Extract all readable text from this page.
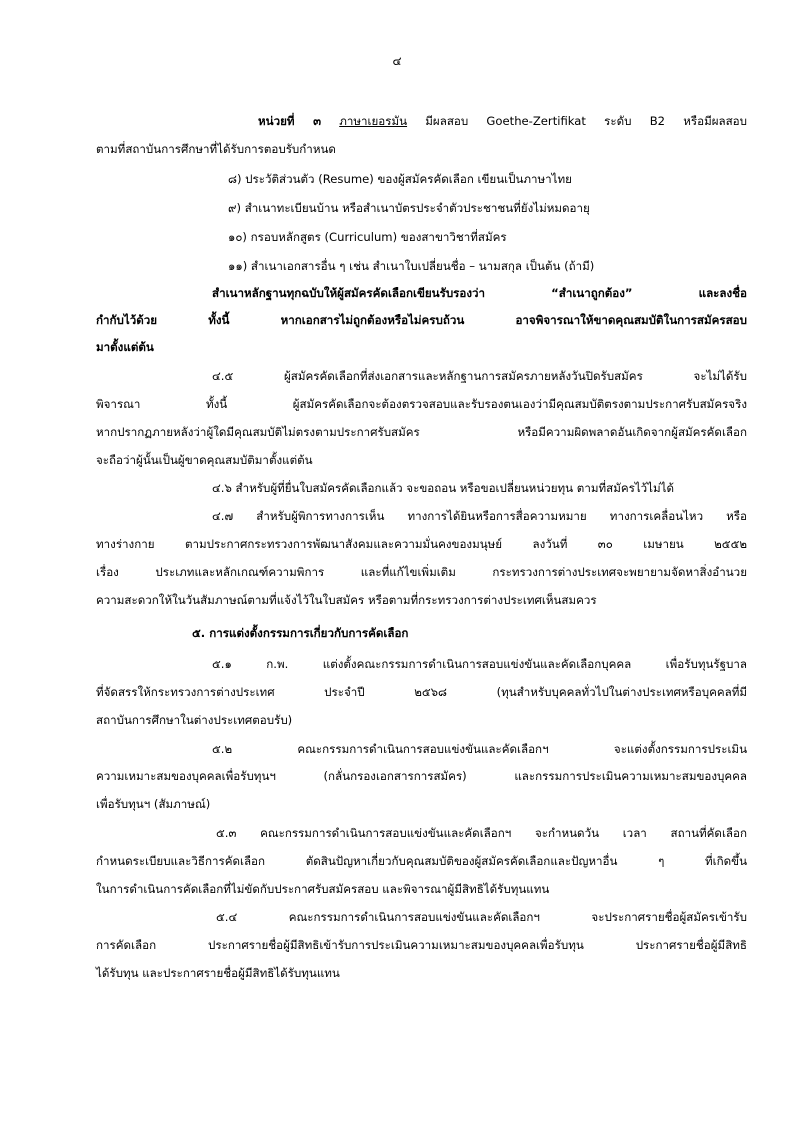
๔
หน่วยที่ ๓ ภาษาเยอรมัน มีผลสอบ Goethe-Zertifikat ระดับ B2 หรือมีผลสอบ
ตามที่สถาบันการศึกษาที่ได้รับการตอบรับกำหนด
๘) ประวัติส่วนตัว (Resume) ของผู้สมัครคัดเลือก เขียนเป็นภาษาไทย
๙) สำเนาทะเบียนบ้าน หรือสำเนาบัตรประจำตัวประชาชนที่ยังไม่หมดอายุ
๑๐) กรอบหลักสูตร (Curriculum) ของสาขาวิชาที่สมัคร
๑๑) สำเนาเอกสารอื่น ๆ เช่น สำเนาใบเปลี่ยนชื่อ – นามสกุล เป็นต้น (ถ้ามี)
สำเนาหลักฐานทุกฉบับให้ผู้สมัครคัดเลือกเขียนรับรองว่า “สำเนาถูกต้อง” และลงชื่อ
กำกับไว้ด้วย ทั้งนี้ หากเอกสารไม่ถูกต้องหรือไม่ครบถ้วน อาจพิจารณาให้ขาดคุณสมบัติในการสมัครสอบ
มาตั้งแต่ต้น
๔.๕ ผู้สมัครคัดเลือกที่ส่งเอกสารและหลักฐานการสมัครภายหลังวันปิดรับสมัคร จะไม่ได้รับ
พิจารณา ทั้งนี้ ผู้สมัครคัดเลือกจะต้องตรวจสอบและรับรองตนเองว่ามีคุณสมบัติตรงตามประกาศรับสมัครจริง
หากปรากฏภายหลังว่าผู้ใดมีคุณสมบัติไม่ตรงตามประกาศรับสมัคร หรือมีความผิดพลาดอันเกิดจากผู้สมัครคัดเลือก
จะถือว่าผู้นั้นเป็นผู้ขาดคุณสมบัติมาตั้งแต่ต้น
๔.๖ สำหรับผู้ที่ยื่นใบสมัครคัดเลือกแล้ว จะขอถอน หรือขอเปลี่ยนหน่วยทุน ตามที่สมัครไว้ไม่ได้
๔.๗ สำหรับผู้พิการทางการเห็น ทางการได้ยินหรือการสื่อความหมาย ทางการเคลื่อนไหว หรือ
ทางร่างกาย ตามประกาศกระทรวงการพัฒนาสังคมและความมั่นคงของมนุษย์ ลงวันที่ ๓๐ เมษายน ๒๕๕๒
เรื่อง ประเภทและหลักเกณฑ์ความพิการ และที่แก้ไขเพิ่มเติม กระทรวงการต่างประเทศจะพยายามจัดหาสิ่งอำนวย
ความสะดวกให้ในวันสัมภาษณ์ตามที่แจ้งไว้ในใบสมัคร หรือตามที่กระทรวงการต่างประเทศเห็นสมควร
๕. การแต่งตั้งกรรมการเกี่ยวกับการคัดเลือก
๕.๑ ก.พ. แต่งตั้งคณะกรรมการดำเนินการสอบแข่งขันและคัดเลือกบุคคล เพื่อรับทุนรัฐบาล
ที่จัดสรรให้กระทรวงการต่างประเทศ ประจำปี ๒๕๖๘ (ทุนสำหรับบุคคลทั่วไปในต่างประเทศหรือบุคคลที่มี
สถาบันการศึกษาในต่างประเทศตอบรับ)
๕.๒ คณะกรรมการดำเนินการสอบแข่งขันและคัดเลือกฯ จะแต่งตั้งกรรมการประเมิน
ความเหมาะสมของบุคคลเพื่อรับทุนฯ (กลั่นกรองเอกสารการสมัคร) และกรรมการประเมินความเหมาะสมของบุคคล
เพื่อรับทุนฯ (สัมภาษณ์)
๕.๓ คณะกรรมการดำเนินการสอบแข่งขันและคัดเลือกฯ จะกำหนดวัน เวลา สถานที่คัดเลือก
กำหนดระเบียบและวิธีการคัดเลือก ตัดสินปัญหาเกี่ยวกับคุณสมบัติของผู้สมัครคัดเลือกและปัญหาอื่น ๆ ที่เกิดขึ้น
ในการดำเนินการคัดเลือกที่ไม่ขัดกับประกาศรับสมัครสอบ และพิจารณาผู้มีสิทธิได้รับทุนแทน
๕.๔ คณะกรรมการดำเนินการสอบแข่งขันและคัดเลือกฯ จะประกาศรายชื่อผู้สมัครเข้ารับ
การคัดเลือก ประกาศรายชื่อผู้มีสิทธิเข้ารับการประเมินความเหมาะสมของบุคคลเพื่อรับทุน ประกาศรายชื่อผู้มีสิทธิ
ได้รับทุน และประกาศรายชื่อผู้มีสิทธิได้รับทุนแทน
